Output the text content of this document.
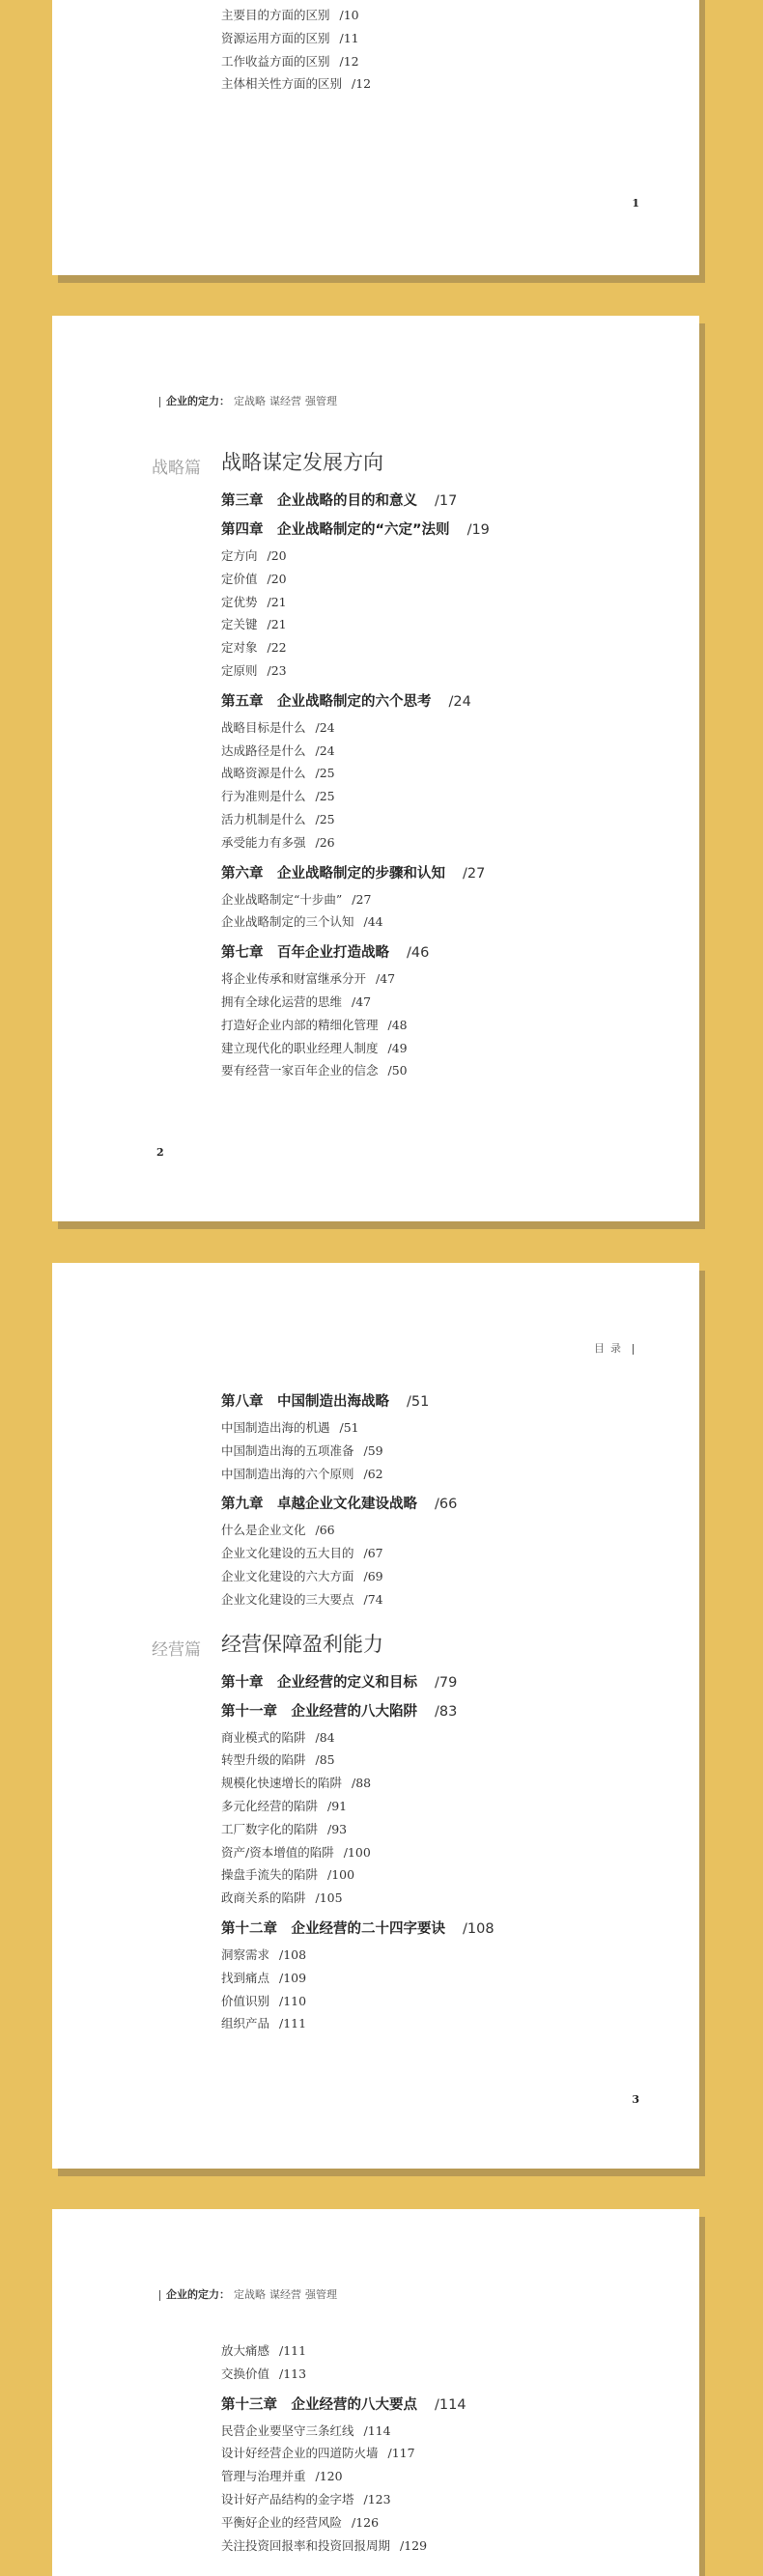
主要目的方面的区别 /10
资源运用方面的区别 /11
工作收益方面的区别 /12
主体相关性方面的区别 /12
1
企业的定力： 定战略 谋经营 强管理
战略篇 战略谋定发展方向
第三章　企业战略的目的和意义 /17
第四章　企业战略制定的“六定”法则 /19
定方向 /20
定价值 /20
定优势 /21
定关键 /21
定对象 /22
定原则 /23
第五章　企业战略制定的六个思考 /24
战略目标是什么 /24
达成路径是什么 /24
战略资源是什么 /25
行为准则是什么 /25
活力机制是什么 /25
承受能力有多强 /26
第六章　企业战略制定的步骤和认知 /27
企业战略制定“十步曲” /27
企业战略制定的三个认知 /44
第七章　百年企业打造战略 /46
将企业传承和财富继承分开 /47
拥有全球化运营的思维 /47
打造好企业内部的精细化管理 /48
建立现代化的职业经理人制度 /49
要有经营一家百年企业的信念 /50
2
目录
第八章　中国制造出海战略 /51
中国制造出海的机遇 /51
中国制造出海的五项准备 /59
中国制造出海的六个原则 /62
第九章　卓越企业文化建设战略 /66
什么是企业文化 /66
企业文化建设的五大目的 /67
企业文化建设的六大方面 /69
企业文化建设的三大要点 /74
经营篇 经营保障盈利能力
第十章　企业经营的定义和目标 /79
第十一章　企业经营的八大陷阱 /83
商业模式的陷阱 /84
转型升级的陷阱 /85
规模化快速增长的陷阱 /88
多元化经营的陷阱 /91
工厂数字化的陷阱 /93
资产/资本增值的陷阱 /100
操盘手流失的陷阱 /100
政商关系的陷阱 /105
第十二章　企业经营的二十四字要诀 /108
洞察需求 /108
找到痛点 /109
价值识别 /110
组织产品 /111
3
企业的定力： 定战略 谋经营 强管理
放大痛感 /111
交换价值 /113
第十三章　企业经营的八大要点 /114
民营企业要坚守三条红线 /114
设计好经营企业的四道防火墙 /117
管理与治理并重 /120
设计好产品结构的金字塔 /123
平衡好企业的经营风险 /126
关注投资回报率和投资回报周期 /129
